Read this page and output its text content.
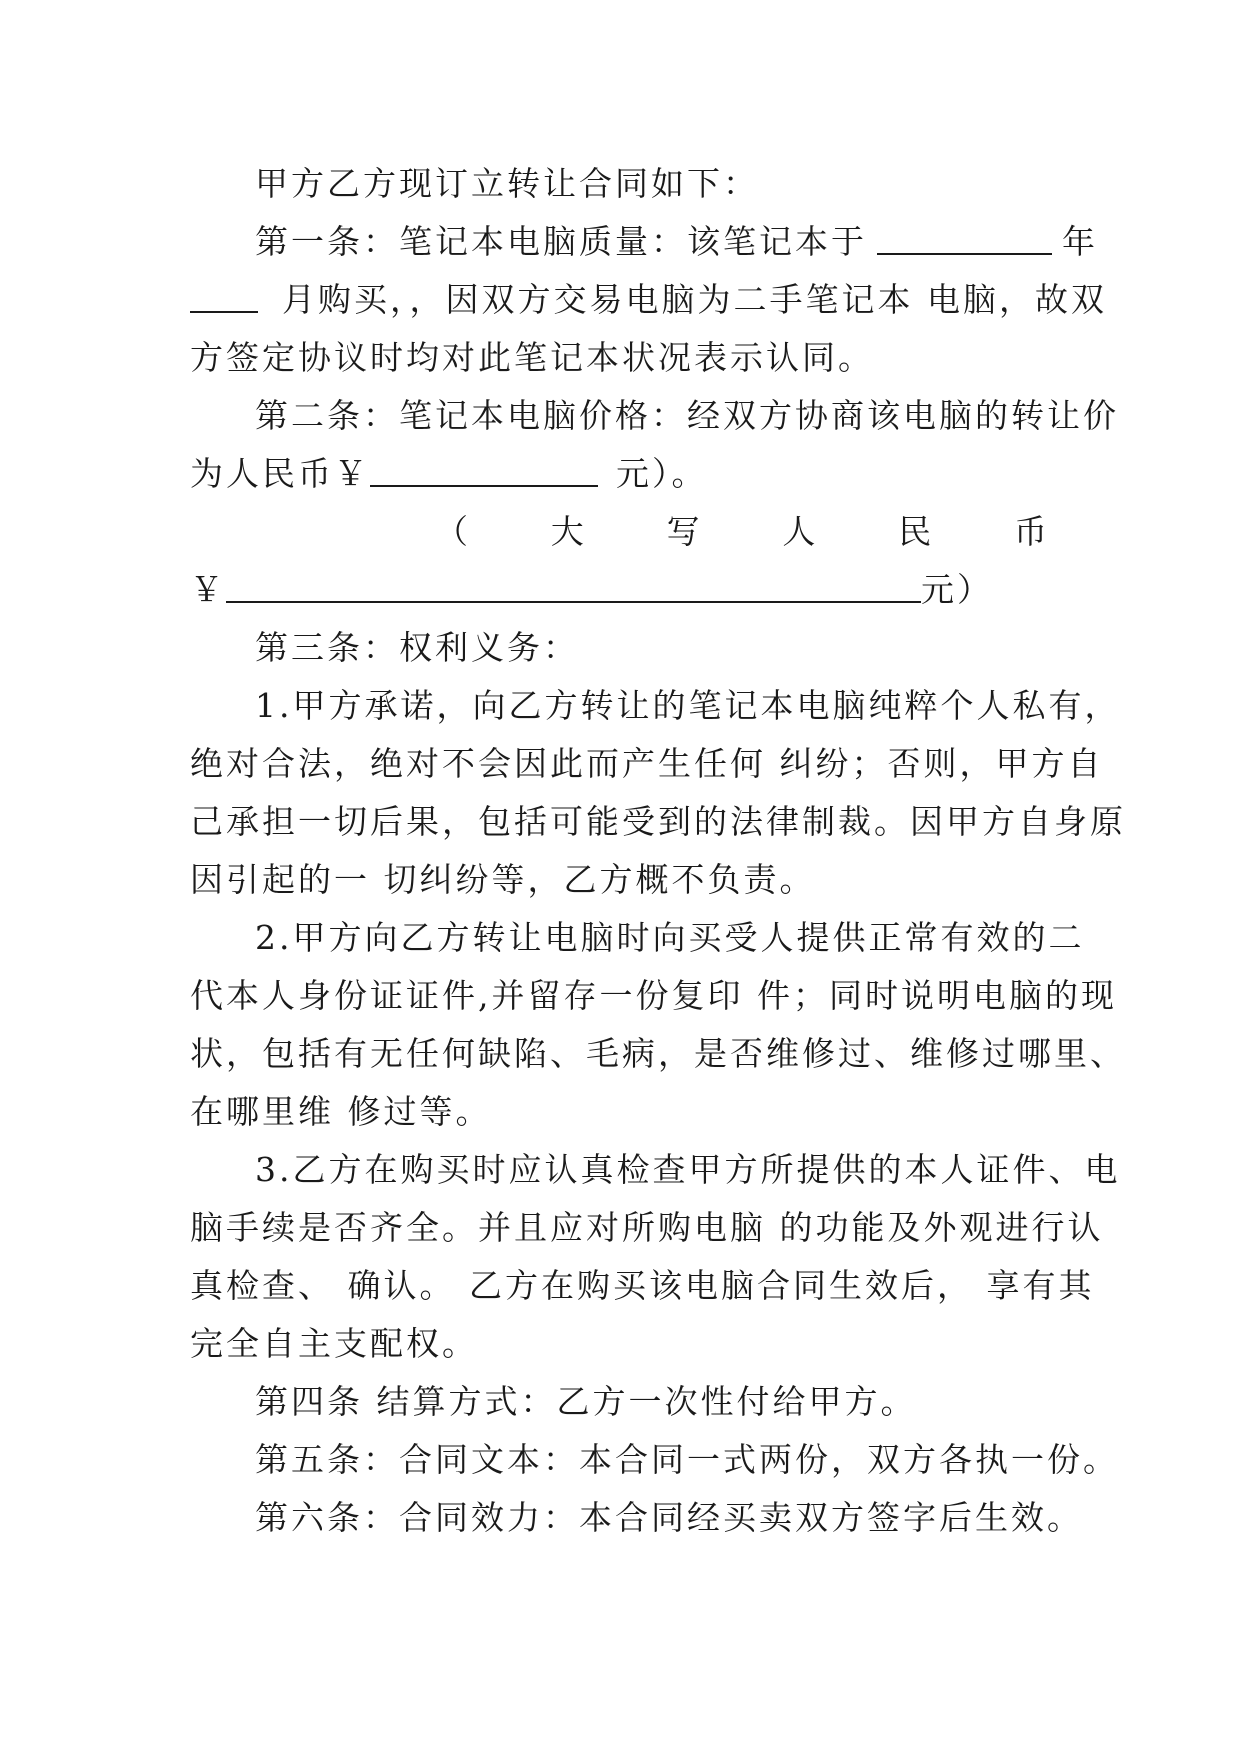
甲方乙方现订立转让合同如下：
第一条：笔记本电脑质量：该笔记本于	年
月购买，，因双方交易电脑为二手笔记本 电脑，故双
方签定协议时均对此笔记本状况表示认同。
第二条：笔记本电脑价格：经双方协商该电脑的转让价
为人民币￥	元）。
（ 大 写 人 民 币
￥	元）
第三条：权利义务：
1.甲方承诺，向乙方转让的笔记本电脑纯粹个人私有，
绝对合法，绝对不会因此而产生任何 纠纷；否则，甲方自
己承担一切后果，包括可能受到的法律制裁。因甲方自身原
因引起的一 切纠纷等，乙方概不负责。
2.甲方向乙方转让电脑时向买受人提供正常有效的二
代本人身份证证件,并留存一份复印 件；同时说明电脑的现
状，包括有无任何缺陷、毛病，是否维修过、维修过哪里、
在哪里维 修过等。
3.乙方在购买时应认真检查甲方所提供的本人证件、电
脑手续是否齐全。并且应对所购电脑 的功能及外观进行认
真检查、 确认。 乙方在购买该电脑合同生效后， 享有其
完全自主支配权。
第四条 结算方式：乙方一次性付给甲方。
第五条：合同文本：本合同一式两份，双方各执一份。
第六条：合同效力：本合同经买卖双方签字后生效。
